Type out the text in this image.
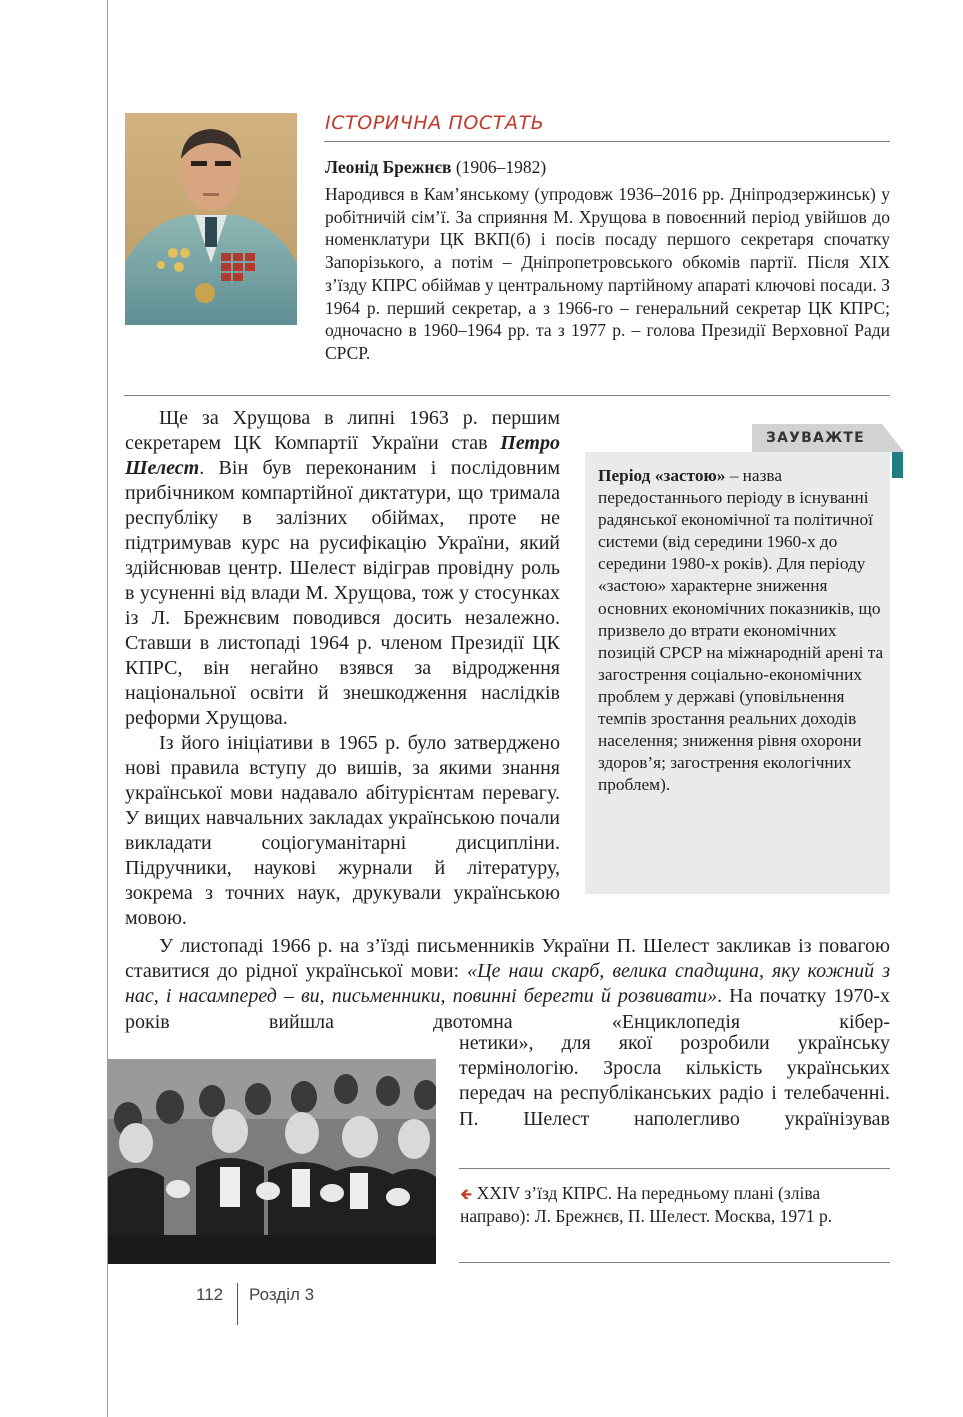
ІСТОРИЧНА ПОСТАТЬ

Леонід Брежнєв (1906–1982)

Народився в Кам’янському (упродовж 1936–2016 рр. Дніпродзержинськ) у робітничій сім’ї. За сприяння М. Хрущова в повоєнний період увійшов до номенклатури ЦК ВКП(б) і посів посаду першого секретаря спочатку Запорізького, а потім – Дніпропетровського обкомів партії. Після XIX з’їзду КПРС обіймав у центральному партійному апараті ключові посади. З 1964 р. перший секретар, а з 1966-го – генеральний секретар ЦК КПРС; одночасно в 1960–1964 рр. та з 1977 р. – голова Президії Верховної Ради СРСР.

Ще за Хрущова в липні 1963 р. першим секретарем ЦК Компартії України став Петро Шелест. Він був переконаним і послідовним прибічником компартійної диктатури, що тримала республіку в залізних обіймах, проте не підтримував курс на русифікацію України, який здійснював центр. Шелест відіграв провідну роль в усуненні від влади М. Хрущова, тож у стосунках із Л. Брежнєвим поводився досить незалежно. Ставши в листопаді 1964 р. членом Президії ЦК КПРС, він негайно взявся за відродження національної освіти й знешкодження наслідків реформи Хрущова.

Із його ініціативи в 1965 р. було затверджено нові правила вступу до вишів, за якими знання української мови надавало абітурієнтам перевагу. У вищих навчальних закладах українською почали викладати соціогуманітарні дисципліни. Підручники, наукові журнали й літературу, зокрема з точних наук, друкували українською мовою.

ЗАУВАЖТЕ

Період «застою» – назва передостаннього періоду в існуванні радянської економічної та політичної системи (від середини 1960-х до середини 1980-х років). Для періоду «застою» характерне зниження основних економічних показників, що призвело до втрати економічних позицій СРСР на міжнародній арені та загострення соціально-економічних проблем у державі (уповільнення темпів зростання реальних доходів населення; зниження рівня охорони здоров’я; загострення екологічних проблем).

У листопаді 1966 р. на з’їзді письменників України П. Шелест закликав із повагою ставитися до рідної української мови: «Це наш скарб, велика спадщина, яку кожний з нас, і насамперед – ви, письменники, повинні берегти й розвивати». На початку 1970-х років вийшла двотомна «Енциклопедія кібер-

нетики», для якої розробили українську термінологію. Зросла кількість українських передач на республіканських радіо і телебаченні. П. Шелест наполегливо українізував

🡸 XXIV з’їзд КПРС. На передньому плані (зліва направо): Л. Брежнєв, П. Шелест. Москва, 1971 р.

112 Розділ 3
